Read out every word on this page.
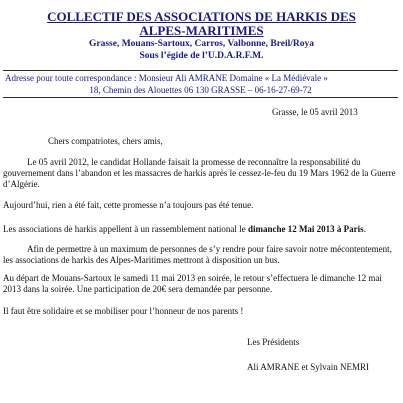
COLLECTIF DES ASSOCIATIONS DE HARKIS DES
ALPES-MARITIMES
Grasse, Mouans-Sartoux, Carros, Valbonne, Breil/Roya
Sous l’égide de l’U.D.A.R.F.M.
Adresse pour toute correspondance : Monsieur Ali AMRANE Domaine « La Médiévale »
18, Chemin des Alouettes 06 130 GRASSE – 06-16-27-69-72
Grasse, le 05 avril 2013
Chers compatriotes, chers amis,
Le 05 avril 2012, le candidat Hollande faisait la promesse de reconnaître la responsabilité du gouvernement dans l’abandon et les massacres de harkis après le cessez-le-feu du 19 Mars 1962 de la Guerre d’Algérie.
Aujourd’hui, rien a été fait, cette promesse n’a toujours pas été tenue.
Les associations de harkis appellent à un rassemblement national le dimanche 12 Mai 2013 à Paris.
Afin de permettre à un maximum de personnes de s’y rendre pour faire savoir notre mécontentement, les associations de harkis des Alpes-Maritimes mettront à disposition un bus.
Au départ de Mouans-Sartoux le samedi 11 mai 2013 en soirée, le retour s’effectuera le dimanche 12 mai 2013 dans la soirée. Une participation de 20€ sera demandée par personne.
Il faut être solidaire et se mobiliser pour l’honneur de nos parents !
Les Présidents
Ali AMRANE et Sylvain NEMRI
